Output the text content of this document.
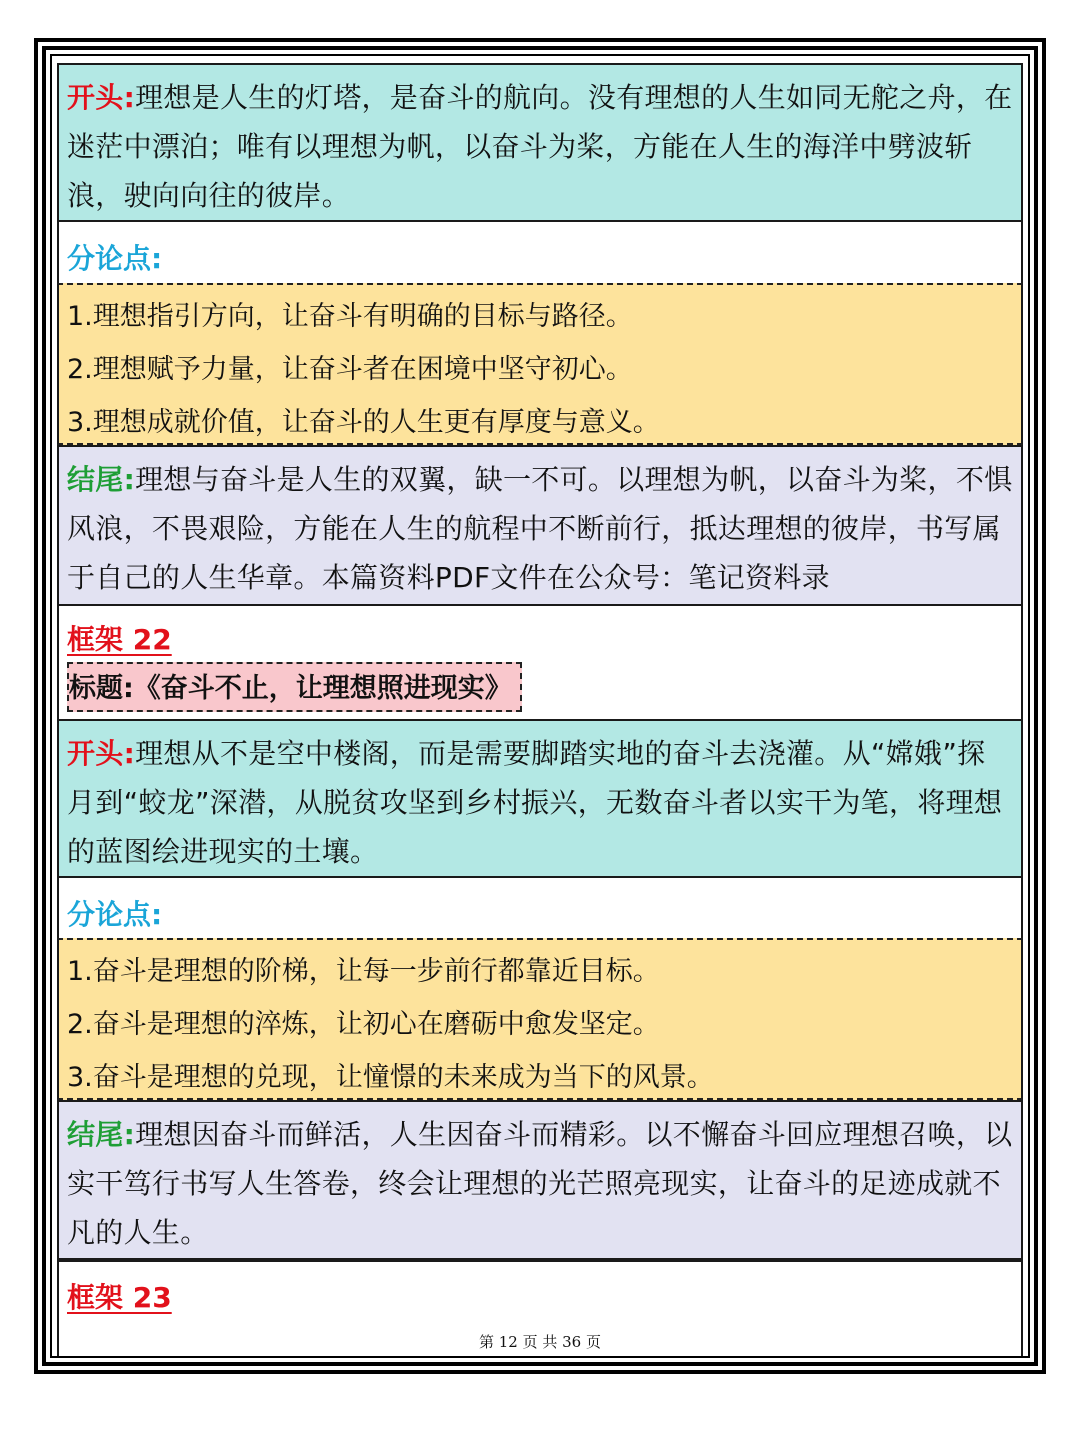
开头:理想是人生的灯塔，是奋斗的航向。没有理想的人生如同无舵之舟，在迷茫中漂泊；唯有以理想为帆，以奋斗为桨，方能在人生的海洋中劈波斩浪，驶向向往的彼岸。
分论点:
1.理想指引方向，让奋斗有明确的目标与路径。
2.理想赋予力量，让奋斗者在困境中坚守初心。
3.理想成就价值，让奋斗的人生更有厚度与意义。
结尾:理想与奋斗是人生的双翼，缺一不可。以理想为帆，以奋斗为桨，不惧风浪，不畏艰险，方能在人生的航程中不断前行，抵达理想的彼岸，书写属于自己的人生华章。本篇资料PDF文件在公众号：笔记资料录
框架 22
标题:《奋斗不止，让理想照进现实》
开头:理想从不是空中楼阁，而是需要脚踏实地的奋斗去浇灌。从“嫦娥”探月到“蛟龙”深潜，从脱贫攻坚到乡村振兴，无数奋斗者以实干为笔，将理想的蓝图绘进现实的土壤。
分论点:
1.奋斗是理想的阶梯，让每一步前行都靠近目标。
2.奋斗是理想的淬炼，让初心在磨砺中愈发坚定。
3.奋斗是理想的兑现，让憧憬的未来成为当下的风景。
结尾:理想因奋斗而鲜活，人生因奋斗而精彩。以不懈奋斗回应理想召唤，以实干笃行书写人生答卷，终会让理想的光芒照亮现实，让奋斗的足迹成就不凡的人生。
框架 23
第 12 页 共 36 页
